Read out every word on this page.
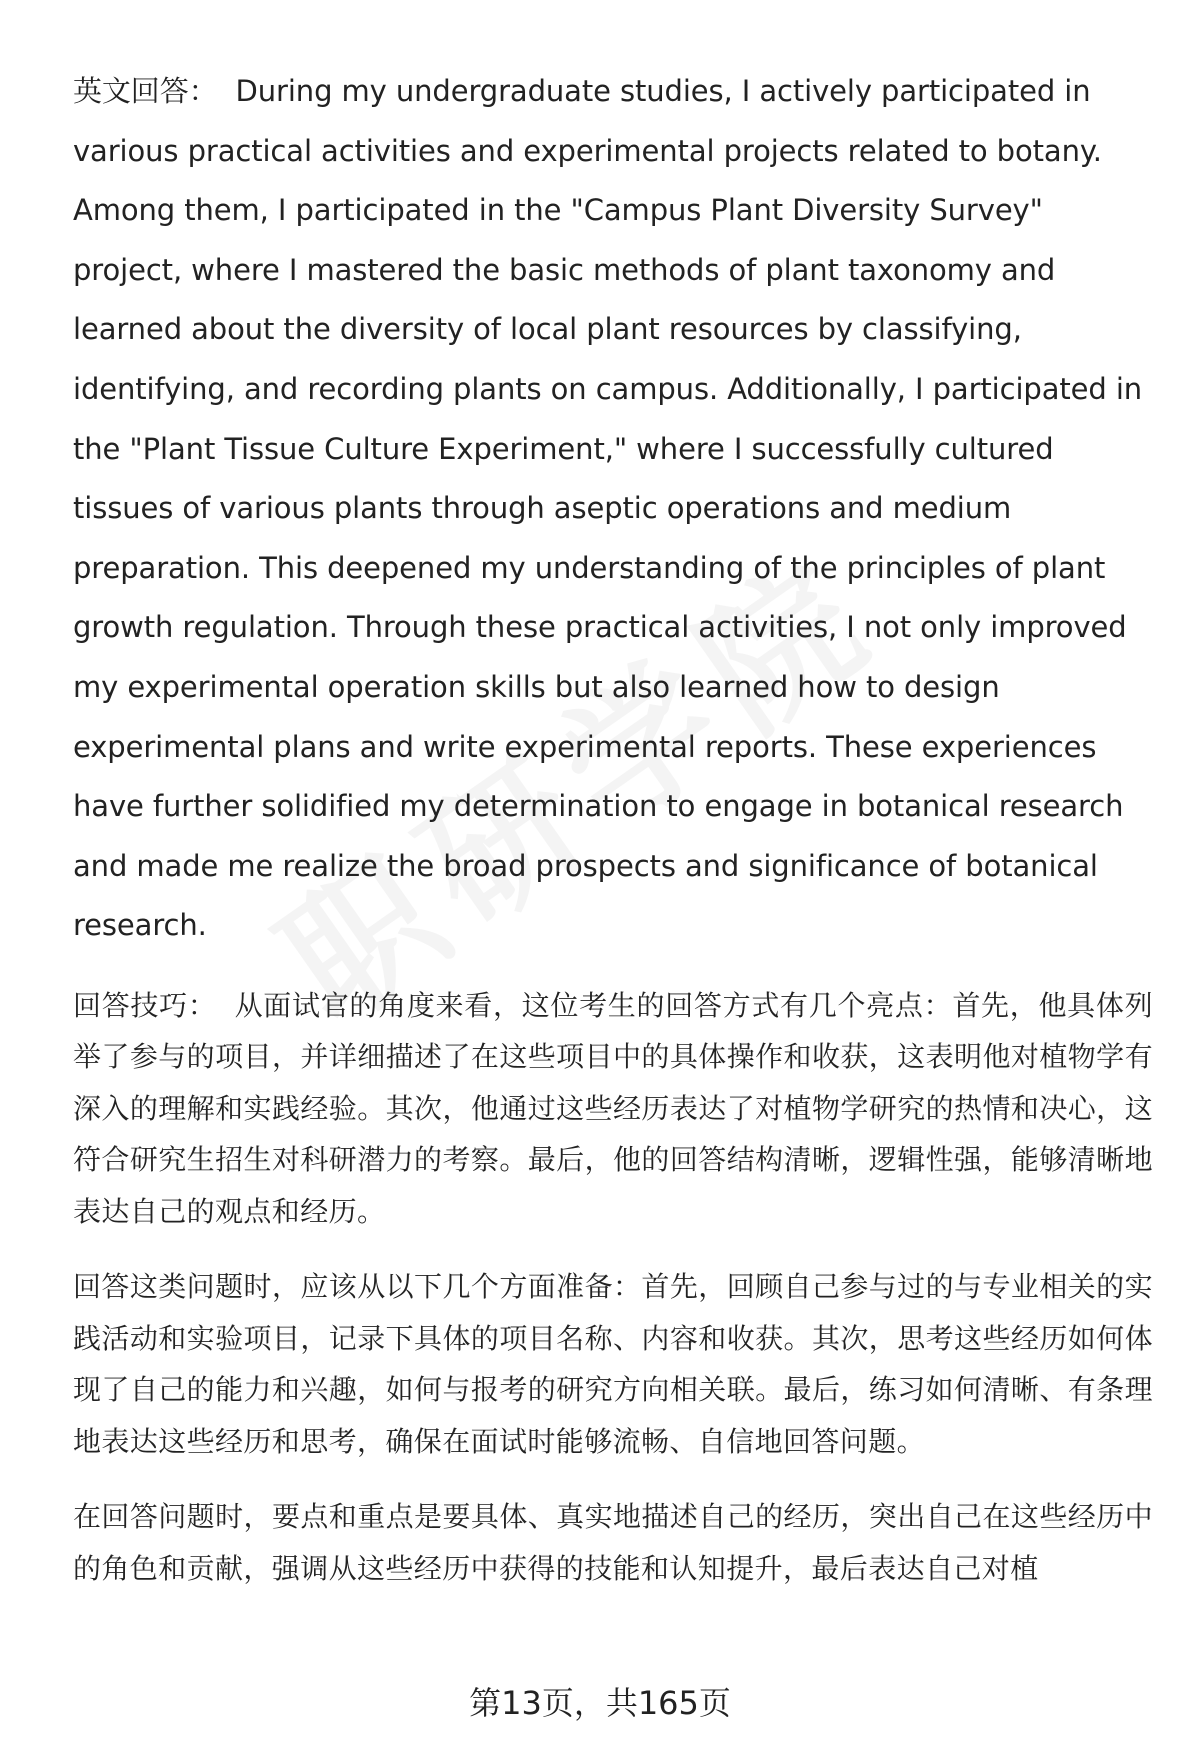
英文回答： During my undergraduate studies, I actively participated in various practical activities and experimental projects related to botany. Among them, I participated in the "Campus Plant Diversity Survey" project, where I mastered the basic methods of plant taxonomy and learned about the diversity of local plant resources by classifying, identifying, and recording plants on campus. Additionally, I participated in the "Plant Tissue Culture Experiment," where I successfully cultured tissues of various plants through aseptic operations and medium preparation. This deepened my understanding of the principles of plant growth regulation. Through these practical activities, I not only improved my experimental operation skills but also learned how to design experimental plans and write experimental reports. These experiences have further solidified my determination to engage in botanical research and made me realize the broad prospects and significance of botanical research.

回答技巧： 从面试官的角度来看，这位考生的回答方式有几个亮点：首先，他具体列举了参与的项目，并详细描述了在这些项目中的具体操作和收获，这表明他对植物学有深入的理解和实践经验。其次，他通过这些经历表达了对植物学研究的热情和决心，这符合研究生招生对科研潜力的考察。最后，他的回答结构清晰，逻辑性强，能够清晰地表达自己的观点和经历。

回答这类问题时，应该从以下几个方面准备：首先，回顾自己参与过的与专业相关的实践活动和实验项目，记录下具体的项目名称、内容和收获。其次，思考这些经历如何体现了自己的能力和兴趣，如何与报考的研究方向相关联。最后，练习如何清晰、有条理地表达这些经历和思考，确保在面试时能够流畅、自信地回答问题。

在回答问题时，要点和重点是要具体、真实地描述自己的经历，突出自己在这些经历中的角色和贡献，强调从这些经历中获得的技能和认知提升，最后表达自己对植

第13页，共165页
